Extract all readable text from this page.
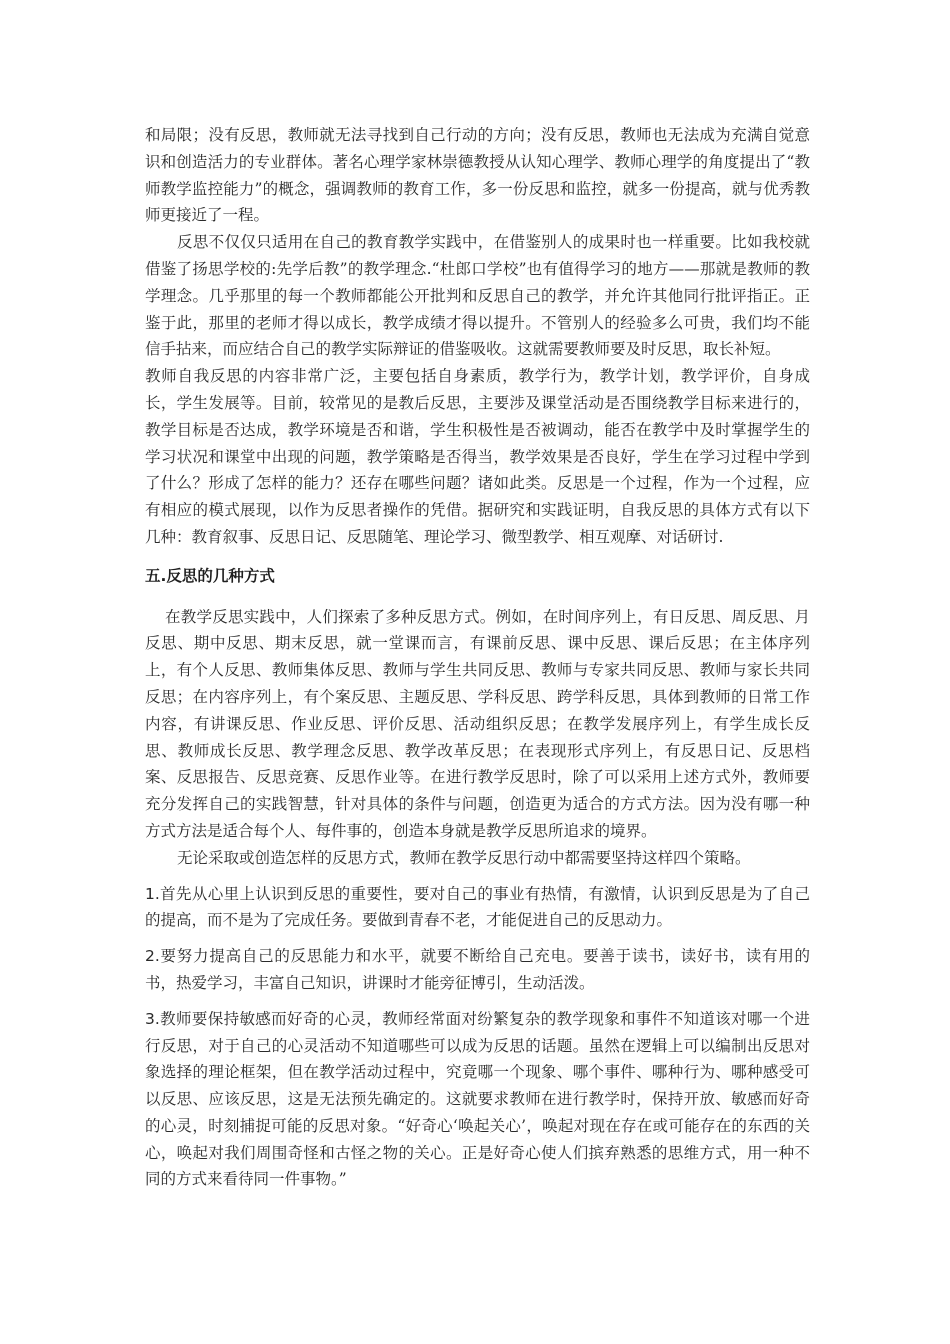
和局限；没有反思，教师就无法寻找到自己行动的方向；没有反思，教师也无法成为充满自觉意识和创造活力的专业群体。著名心理学家林崇德教授从认知心理学、教师心理学的角度提出了“教师教学监控能力”的概念，强调教师的教育工作，多一份反思和监控，就多一份提高，就与优秀教师更接近了一程。

反思不仅仅只适用在自己的教育教学实践中，在借鉴别人的成果时也一样重要。比如我校就借鉴了扬思学校的:先学后教”的教学理念.“杜郎口学校”也有值得学习的地方——那就是教师的教学理念。几乎那里的每一个教师都能公开批判和反思自己的教学，并允许其他同行批评指正。正鉴于此，那里的老师才得以成长，教学成绩才得以提升。不管别人的经验多么可贵，我们均不能信手拈来，而应结合自己的教学实际辩证的借鉴吸收。这就需要教师要及时反思，取长补短。

教师自我反思的内容非常广泛，主要包括自身素质，教学行为，教学计划，教学评价，自身成长，学生发展等。目前，较常见的是教后反思，主要涉及课堂活动是否围绕教学目标来进行的，教学目标是否达成，教学环境是否和谐，学生积极性是否被调动，能否在教学中及时掌握学生的学习状况和课堂中出现的问题，教学策略是否得当，教学效果是否良好，学生在学习过程中学到了什么？形成了怎样的能力？还存在哪些问题？诸如此类。反思是一个过程，作为一个过程，应有相应的模式展现，以作为反思者操作的凭借。据研究和实践证明，自我反思的具体方式有以下几种：教育叙事、反思日记、反思随笔、理论学习、微型教学、相互观摩、对话研讨.

五.反思的几种方式

在教学反思实践中，人们探索了多种反思方式。例如，在时间序列上，有日反思、周反思、月反思、期中反思、期末反思，就一堂课而言，有课前反思、课中反思、课后反思；在主体序列上，有个人反思、教师集体反思、教师与学生共同反思、教师与专家共同反思、教师与家长共同反思；在内容序列上，有个案反思、主题反思、学科反思、跨学科反思，具体到教师的日常工作内容，有讲课反思、作业反思、评价反思、活动组织反思；在教学发展序列上，有学生成长反思、教师成长反思、教学理念反思、教学改革反思；在表现形式序列上，有反思日记、反思档案、反思报告、反思竞赛、反思作业等。在进行教学反思时，除了可以采用上述方式外，教师要充分发挥自己的实践智慧，针对具体的条件与问题，创造更为适合的方式方法。因为没有哪一种方式方法是适合每个人、每件事的，创造本身就是教学反思所追求的境界。

无论采取或创造怎样的反思方式，教师在教学反思行动中都需要坚持这样四个策略。

1.首先从心里上认识到反思的重要性，要对自己的事业有热情，有激情，认识到反思是为了自己的提高，而不是为了完成任务。要做到青春不老，才能促进自己的反思动力。

2.要努力提高自己的反思能力和水平，就要不断给自己充电。要善于读书，读好书，读有用的书，热爱学习，丰富自己知识，讲课时才能旁征博引，生动活泼。

3.教师要保持敏感而好奇的心灵，教师经常面对纷繁复杂的教学现象和事件不知道该对哪一个进行反思，对于自己的心灵活动不知道哪些可以成为反思的话题。虽然在逻辑上可以编制出反思对象选择的理论框架，但在教学活动过程中，究竟哪一个现象、哪个事件、哪种行为、哪种感受可以反思、应该反思，这是无法预先确定的。这就要求教师在进行教学时，保持开放、敏感而好奇的心灵，时刻捕捉可能的反思对象。“好奇心‘唤起关心’，唤起对现在存在或可能存在的东西的关心，唤起对我们周围奇怪和古怪之物的关心。正是好奇心使人们摈弃熟悉的思维方式，用一种不同的方式来看待同一件事物。”
